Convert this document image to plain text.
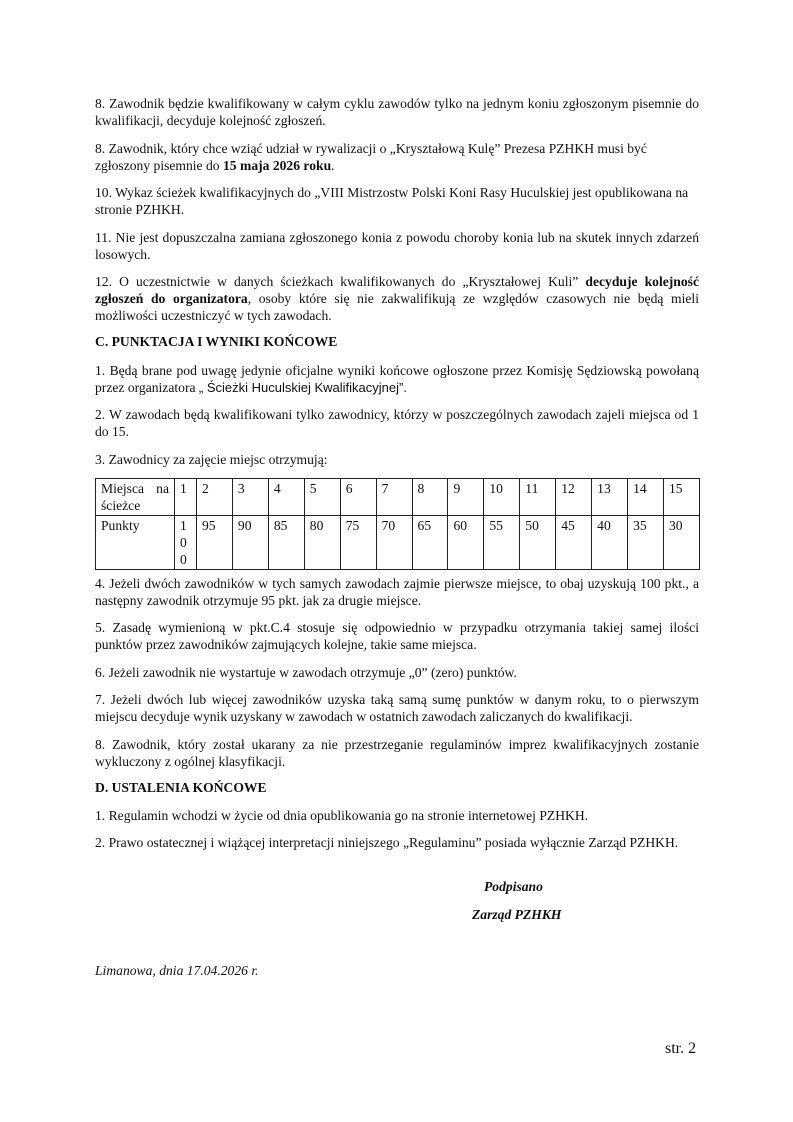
8. Zawodnik będzie kwalifikowany w całym cyklu zawodów tylko na jednym koniu zgłoszonym pisemnie do kwalifikacji, decyduje kolejność zgłoszeń.

8. Zawodnik, który chce wziąć udział w rywalizacji o „Kryształową Kulę” Prezesa PZHKH musi być zgłoszony pisemnie do 15 maja 2026 roku.

10. Wykaz ścieżek kwalifikacyjnych do „VIII Mistrzostw Polski Koni Rasy Huculskiej jest opublikowana na stronie PZHKH.

11. Nie jest dopuszczalna zamiana zgłoszonego konia z powodu choroby konia lub na skutek innych zdarzeń losowych.

12. O uczestnictwie w danych ścieżkach kwalifikowanych do „Kryształowej Kuli” decyduje kolejność zgłoszeń do organizatora, osoby które się nie zakwalifikują ze względów czasowych nie będą mieli możliwości uczestniczyć w tych zawodach.

C. PUNKTACJA I WYNIKI KOŃCOWE

1. Będą brane pod uwagę jedynie oficjalne wyniki końcowe ogłoszone przez Komisję Sędziowską powołaną przez organizatora „ Ścieżki Huculskiej Kwalifikacyjnej”.

2. W zawodach będą kwalifikowani tylko zawodnicy, którzy w poszczególnych zawodach zajeli miejsca od 1 do 15.

3. Zawodnicy za zajęcie miejsc otrzymują:

Miejsca na ścieżce	1	2	3	4	5	6	7	8	9	10	11	12	13	14	15
Punkty	100	95	90	85	80	75	70	65	60	55	50	45	40	35	30

4. Jeżeli dwóch zawodników w tych samych zawodach zajmie pierwsze miejsce, to obaj uzyskują 100 pkt., a następny zawodnik otrzymuje 95 pkt. jak za drugie miejsce.

5. Zasadę wymienioną w pkt.C.4 stosuje się odpowiednio w przypadku otrzymania takiej samej ilości punktów przez zawodników zajmujących kolejne, takie same miejsca.

6. Jeżeli zawodnik nie wystartuje w zawodach otrzymuje „0” (zero) punktów.

7. Jeżeli dwóch lub więcej zawodników uzyska taką samą sumę punktów w danym roku, to o pierwszym miejscu decyduje wynik uzyskany w zawodach w ostatnich zawodach zaliczanych do kwalifikacji.

8. Zawodnik, który został ukarany za nie przestrzeganie regulaminów imprez kwalifikacyjnych zostanie wykluczony z ogólnej klasyfikacji.

D. USTALENIA KOŃCOWE

1. Regulamin wchodzi w życie od dnia opublikowania go na stronie internetowej PZHKH.

2. Prawo ostatecznej i wiążącej interpretacji niniejszego „Regulaminu” posiada wyłącznie Zarząd PZHKH.

Podpisano
Zarząd PZHKH
Limanowa, dnia 17.04.2026 r.
str. 2
